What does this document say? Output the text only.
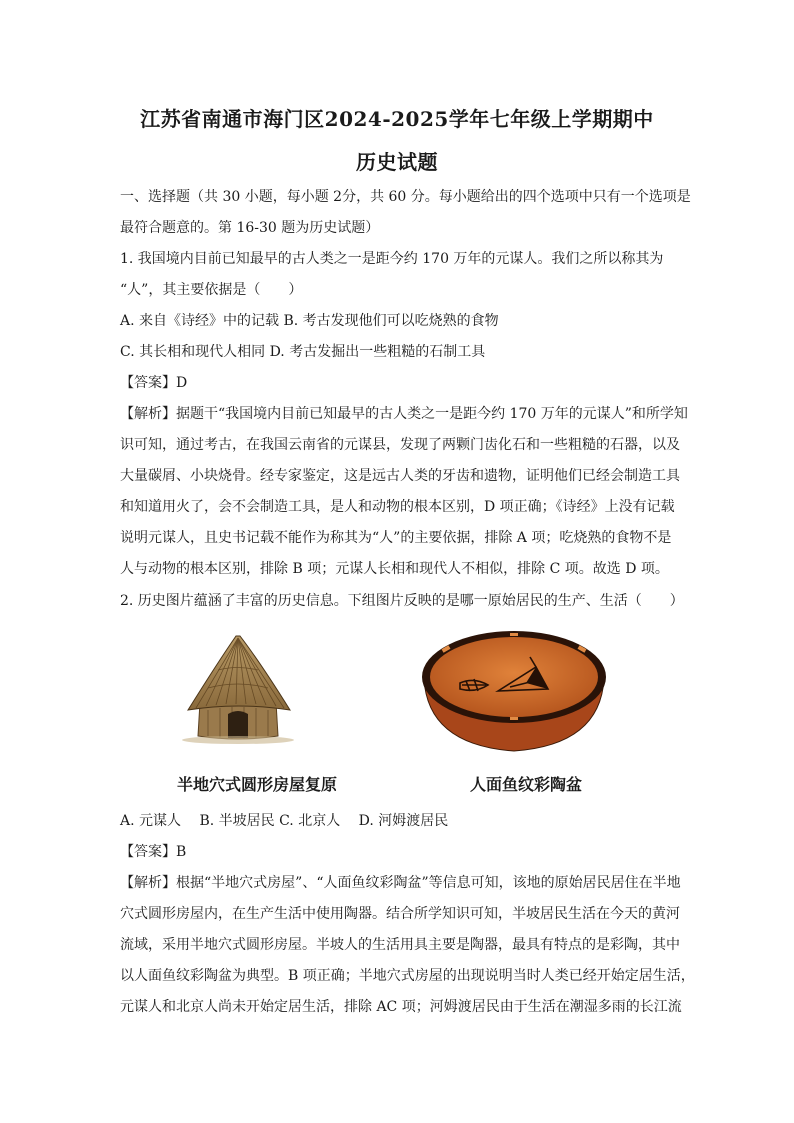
江苏省南通市海门区2024-2025学年七年级上学期期中
历史试题
一、选择题（共 30 小题，每小题 2分，共 60 分。每小题给出的四个选项中只有一个选项是
最符合题意的。第 16-30 题为历史试题）
1. 我国境内目前已知最早的古人类之一是距今约 170 万年的元谋人。我们之所以称其为
“人”，其主要依据是（　　）
A. 来自《诗经》中的记载 B. 考古发现他们可以吃烧熟的食物
C. 其长相和现代人相同 D. 考古发掘出一些粗糙的石制工具
【答案】D
【解析】据题干“我国境内目前已知最早的古人类之一是距今约 170 万年的元谋人”和所学知
识可知，通过考古，在我国云南省的元谋县，发现了两颗门齿化石和一些粗糙的石器，以及
大量碳屑、小块烧骨。经专家鉴定，这是远古人类的牙齿和遗物，证明他们已经会制造工具
和知道用火了，会不会制造工具，是人和动物的根本区别，D 项正确；《诗经》上没有记载
说明元谋人，且史书记载不能作为称其为“人”的主要依据，排除 A 项；吃烧熟的食物不是
人与动物的根本区别，排除 B 项；元谋人长相和现代人不相似，排除 C 项。故选 D 项。
2. 历史图片蕴涵了丰富的历史信息。下组图片反映的是哪一原始居民的生产、生活（　　）
半地穴式圆形房屋复原	人面鱼纹彩陶盆
A. 元谋人　 B. 半坡居民 C. 北京人　 D. 河姆渡居民
【答案】B
【解析】根据“半地穴式房屋”、“人面鱼纹彩陶盆”等信息可知，该地的原始居民居住在半地
穴式圆形房屋内，在生产生活中使用陶器。结合所学知识可知，半坡居民生活在今天的黄河
流域，采用半地穴式圆形房屋。半坡人的生活用具主要是陶器，最具有特点的是彩陶，其中
以人面鱼纹彩陶盆为典型。B 项正确；半地穴式房屋的出现说明当时人类已经开始定居生活，
元谋人和北京人尚未开始定居生活，排除 AC 项；河姆渡居民由于生活在潮湿多雨的长江流
